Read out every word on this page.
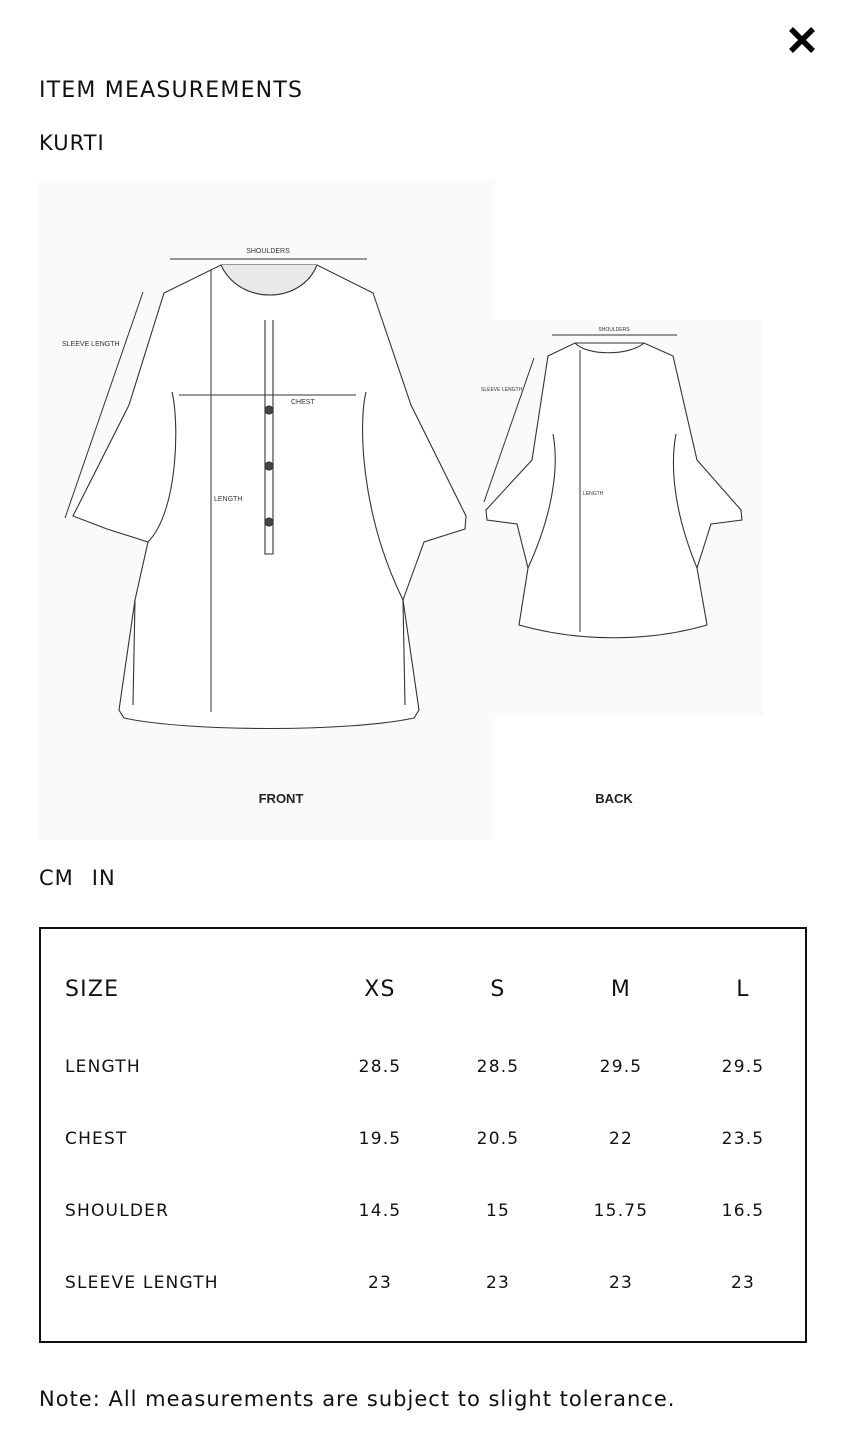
ITEM MEASUREMENTS
KURTI
SHOULDERS
SLEEVE LENGTH
CHEST
LENGTH
SHOULDERS
SLEEVE LENGTH
LENGTH
FRONT	BACK
CM IN
SIZE	XS	S	M	L
LENGTH	28.5	28.5	29.5	29.5
CHEST	19.5	20.5	22	23.5
SHOULDER	14.5	15	15.75	16.5
SLEEVE LENGTH	23	23	23	23

Note: All measurements are subject to slight tolerance.
